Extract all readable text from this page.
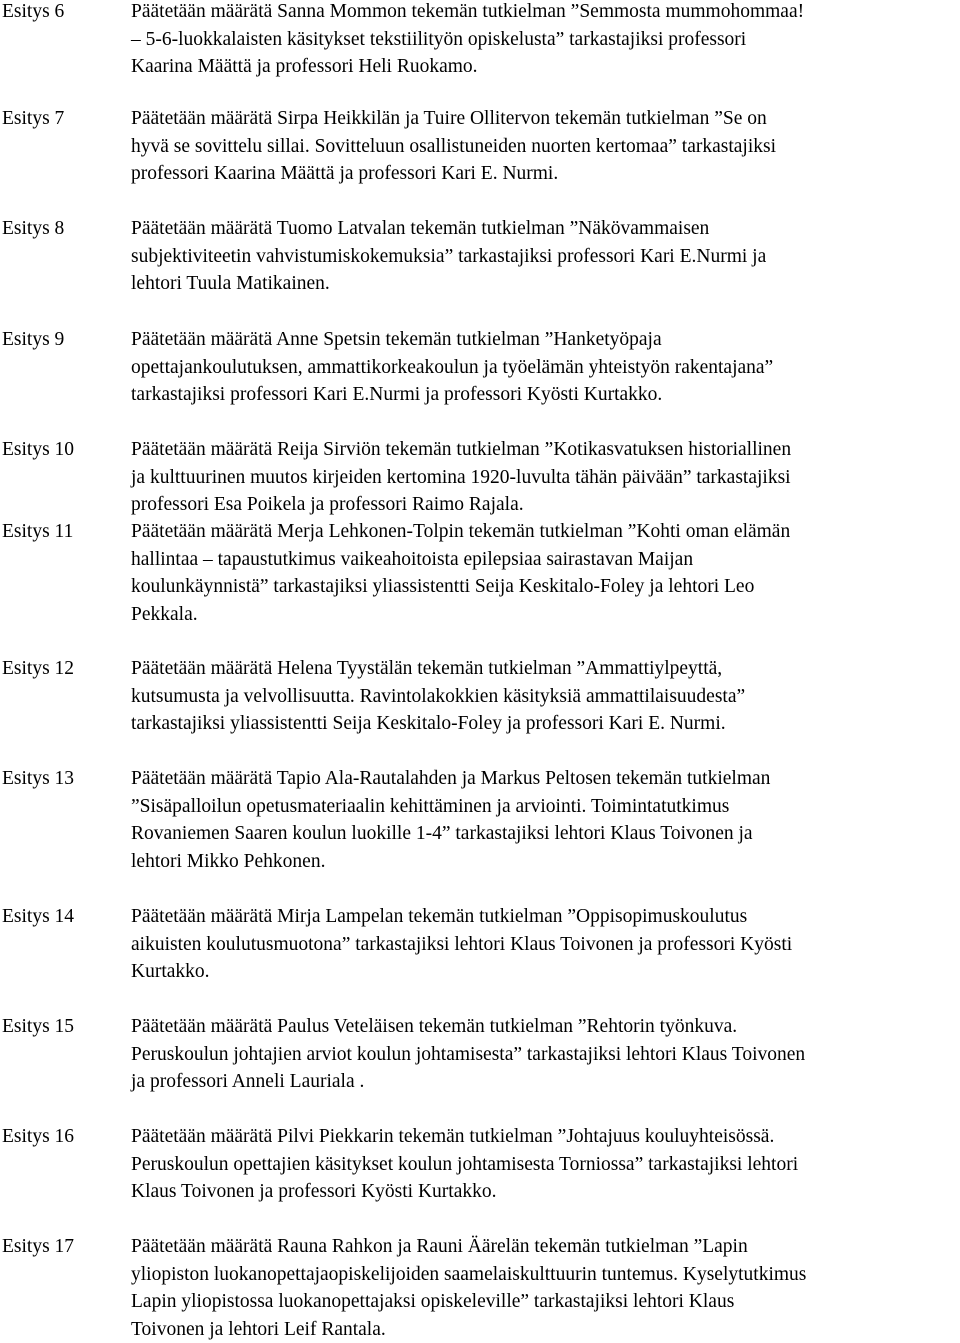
Esitys 6	Päätetään määrätä Sanna Mommon tekemän tutkielman ”Semmosta mummohommaa!
– 5-6-luokkalaisten käsitykset tekstiilityön opiskelusta” tarkastajiksi professori
Kaarina Määttä ja professori Heli Ruokamo.
Esitys 7	Päätetään määrätä Sirpa Heikkilän ja Tuire Ollitervon tekemän tutkielman ”Se on
hyvä se sovittelu sillai. Sovitteluun osallistuneiden nuorten kertomaa” tarkastajiksi
professori Kaarina Määttä ja professori Kari E. Nurmi.
Esitys 8	Päätetään määrätä Tuomo Latvalan tekemän tutkielman ”Näkövammaisen
subjektiviteetin vahvistumiskokemuksia” tarkastajiksi professori Kari E.Nurmi ja
lehtori Tuula Matikainen.
Esitys 9	Päätetään määrätä Anne Spetsin tekemän tutkielman ”Hanketyöpaja
opettajankoulutuksen, ammattikorkeakoulun ja työelämän yhteistyön rakentajana”
tarkastajiksi professori Kari E.Nurmi ja professori Kyösti Kurtakko.
Esitys 10	Päätetään määrätä Reija Sirviön tekemän tutkielman ”Kotikasvatuksen historiallinen
ja kulttuurinen muutos kirjeiden kertomina 1920-luvulta tähän päivään” tarkastajiksi
professori Esa Poikela ja professori Raimo Rajala.
Esitys 11	Päätetään määrätä Merja Lehkonen-Tolpin tekemän tutkielman ”Kohti oman elämän
hallintaa – tapaustutkimus vaikeahoitoista epilepsiaa sairastavan Maijan
koulunkäynnistä” tarkastajiksi yliassistentti Seija Keskitalo-Foley ja lehtori Leo
Pekkala.
Esitys 12	Päätetään määrätä Helena Tyystälän tekemän tutkielman ”Ammattiylpeyttä,
kutsumusta ja velvollisuutta. Ravintolakokkien käsityksiä ammattilaisuudesta”
tarkastajiksi yliassistentti Seija Keskitalo-Foley ja professori Kari E. Nurmi.
Esitys 13	Päätetään määrätä Tapio Ala-Rautalahden ja Markus Peltosen tekemän tutkielman
”Sisäpalloilun opetusmateriaalin kehittäminen ja arviointi. Toimintatutkimus
Rovaniemen Saaren koulun luokille 1-4” tarkastajiksi lehtori Klaus Toivonen ja
lehtori Mikko Pehkonen.
Esitys 14	Päätetään määrätä Mirja Lampelan tekemän tutkielman ”Oppisopimuskoulutus
aikuisten koulutusmuotona” tarkastajiksi lehtori Klaus Toivonen ja professori Kyösti
Kurtakko.
Esitys 15	Päätetään määrätä Paulus Veteläisen tekemän tutkielman ”Rehtorin työnkuva.
Peruskoulun johtajien arviot koulun johtamisesta” tarkastajiksi lehtori Klaus Toivonen
ja professori Anneli Lauriala .
Esitys 16	Päätetään määrätä Pilvi Piekkarin tekemän tutkielman ”Johtajuus kouluyhteisössä.
Peruskoulun opettajien käsitykset koulun johtamisesta Torniossa” tarkastajiksi lehtori
Klaus Toivonen ja professori Kyösti Kurtakko.
Esitys 17	Päätetään määrätä Rauna Rahkon ja Rauni Äärelän tekemän tutkielman ”Lapin
yliopiston luokanopettajaopiskelijoiden saamelaiskulttuurin tuntemus. Kyselytutkimus
Lapin yliopistossa luokanopettajaksi opiskeleville” tarkastajiksi lehtori Klaus
Toivonen ja lehtori Leif Rantala.
